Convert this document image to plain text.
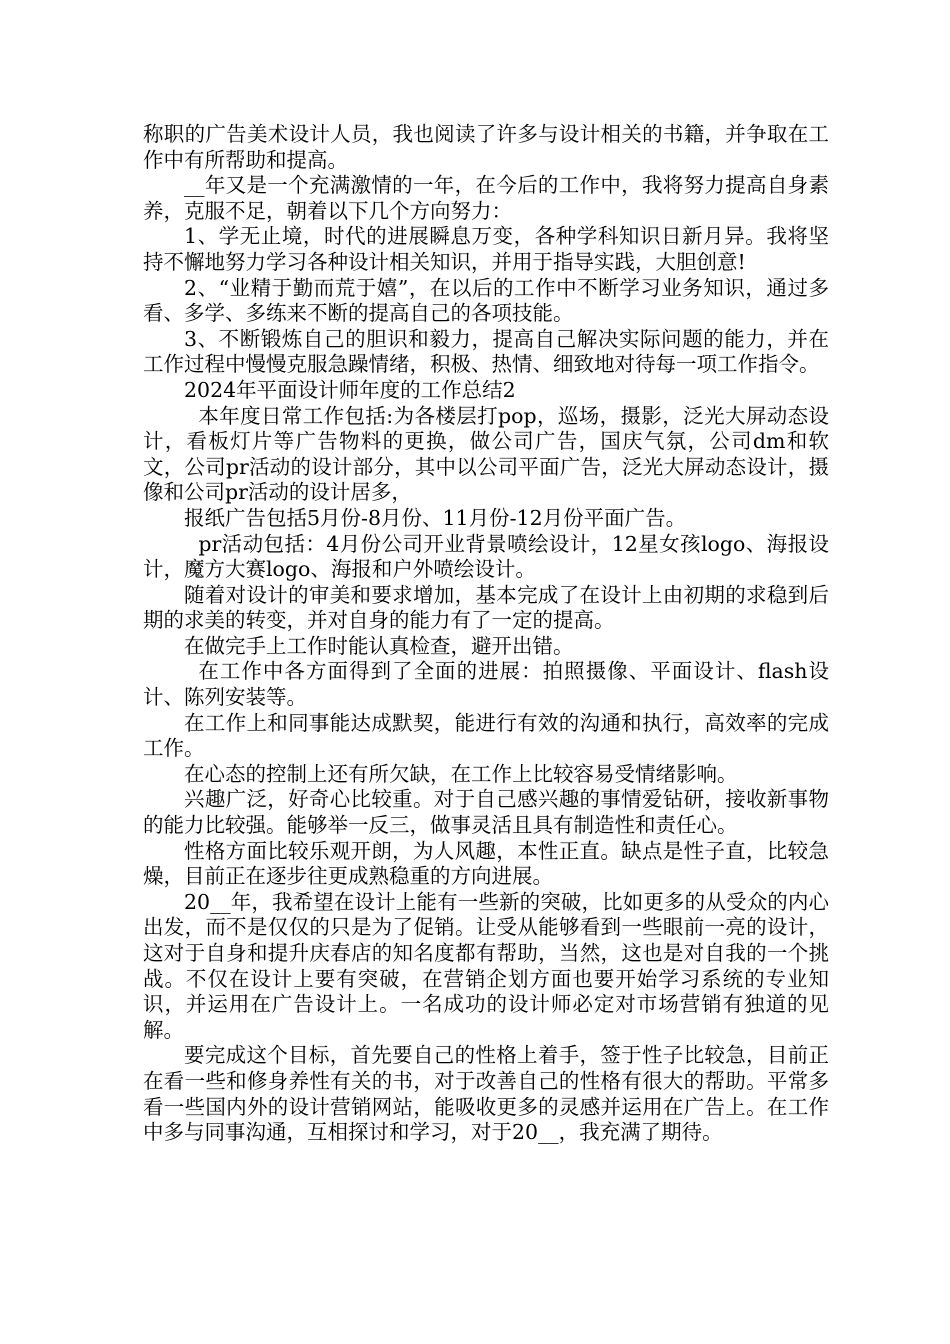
称职的广告美术设计人员，我也阅读了许多与设计相关的书籍，并争取在工作中有所帮助和提高。

__年又是一个充满激情的一年，在今后的工作中，我将努力提高自身素养，克服不足，朝着以下几个方向努力：

1、学无止境，时代的进展瞬息万变，各种学科知识日新月异。我将坚持不懈地努力学习各种设计相关知识，并用于指导实践，大胆创意!

2、“业精于勤而荒于嬉”，在以后的工作中不断学习业务知识，通过多看、多学、多练来不断的提高自己的各项技能。

3、不断锻炼自己的胆识和毅力，提高自己解决实际问题的能力，并在工作过程中慢慢克服急躁情绪，积极、热情、细致地对待每一项工作指令。

2024年平面设计师年度的工作总结2

本年度日常工作包括:为各楼层打pop，巡场，摄影，泛光大屏动态设计，看板灯片等广告物料的更换，做公司广告，国庆气氛，公司dm和软文，公司pr活动的设计部分，其中以公司平面广告，泛光大屏动态设计，摄像和公司pr活动的设计居多，

报纸广告包括5月份-8月份、11月份-12月份平面广告。

pr活动包括：4月份公司开业背景喷绘设计，12星女孩logo、海报设计，魔方大赛logo、海报和户外喷绘设计。

随着对设计的审美和要求增加，基本完成了在设计上由初期的求稳到后期的求美的转变，并对自身的能力有了一定的提高。

在做完手上工作时能认真检查，避开出错。

在工作中各方面得到了全面的进展：拍照摄像、平面设计、flash设计、陈列安装等。

在工作上和同事能达成默契，能进行有效的沟通和执行，高效率的完成工作。

在心态的控制上还有所欠缺，在工作上比较容易受情绪影响。

兴趣广泛，好奇心比较重。对于自己感兴趣的事情爱钻研，接收新事物的能力比较强。能够举一反三，做事灵活且具有制造性和责任心。

性格方面比较乐观开朗，为人风趣，本性正直。缺点是性子直，比较急燥，目前正在逐步往更成熟稳重的方向进展。

20__年，我希望在设计上能有一些新的突破，比如更多的从受众的内心出发，而不是仅仅的只是为了促销。让受从能够看到一些眼前一亮的设计，这对于自身和提升庆春店的知名度都有帮助，当然，这也是对自我的一个挑战。不仅在设计上要有突破，在营销企划方面也要开始学习系统的专业知识，并运用在广告设计上。一名成功的设计师必定对市场营销有独道的见解。

要完成这个目标，首先要自己的性格上着手，签于性子比较急，目前正在看一些和修身养性有关的书，对于改善自己的性格有很大的帮助。平常多看一些国内外的设计营销网站，能吸收更多的灵感并运用在广告上。在工作中多与同事沟通，互相探讨和学习，对于20__，我充满了期待。
